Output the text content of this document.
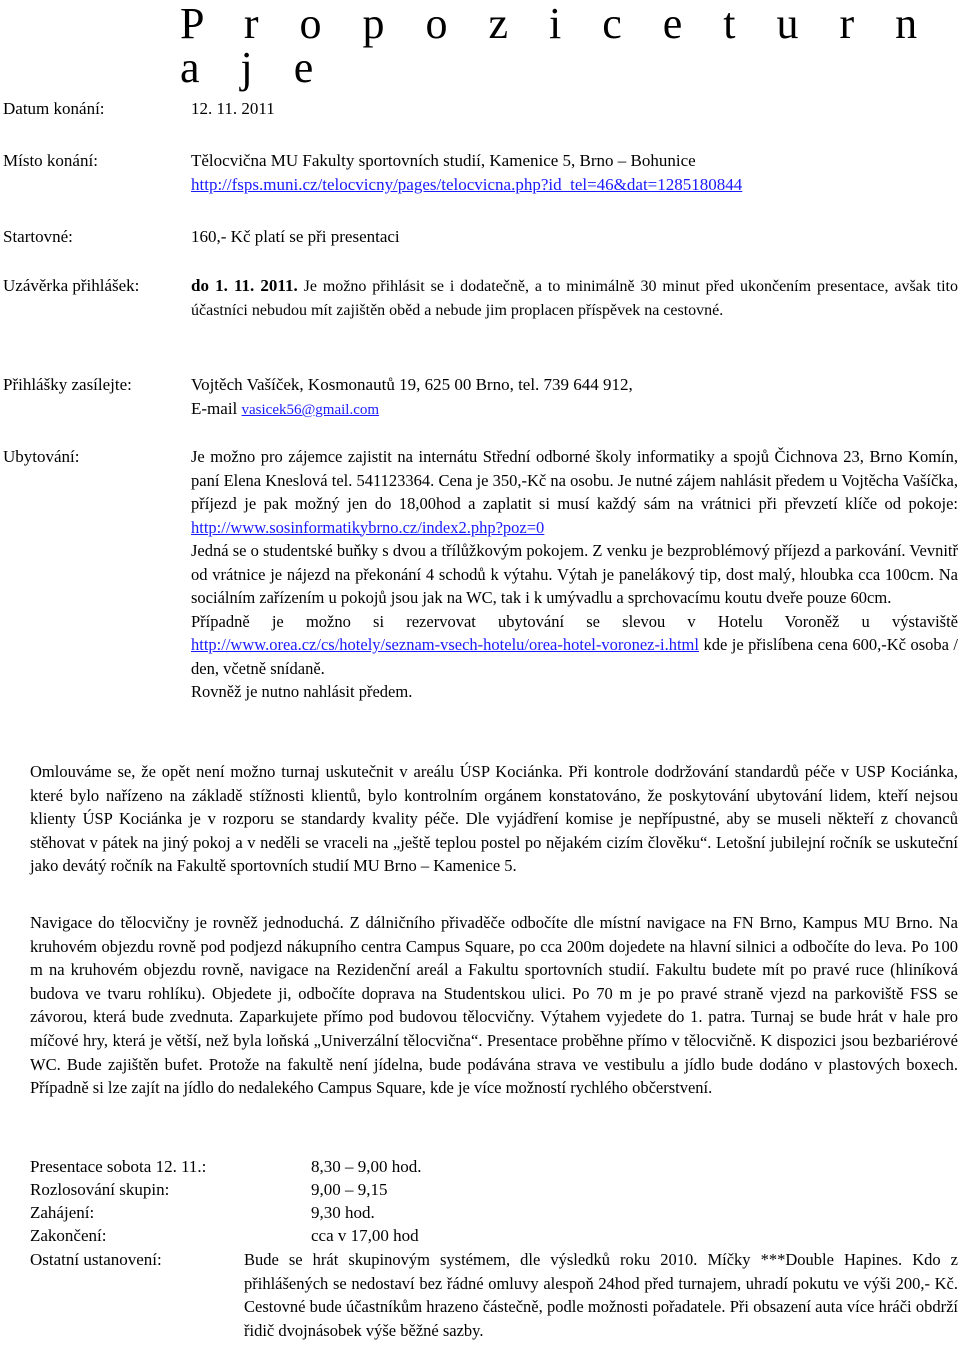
P r o p o z i c e t u r n a j e
Datum konání:	12. 11. 2011
Místo konání:	Tělocvična MU Fakulty sportovních studií, Kamenice 5, Brno – Bohunice
http://fsps.muni.cz/telocvicny/pages/telocvicna.php?id_tel=46&dat=1285180844
Startovné:	160,- Kč platí se při presentaci
Uzávěrka přihlášek:	do 1. 11. 2011. Je možno přihlásit se i dodatečně, a to minimálně 30 minut před ukončením presentace, avšak tito účastníci nebudou mít zajištěn oběd a nebude jim proplacen příspěvek na cestovné.
Přihlášky zasílejte:	Vojtěch Vašíček, Kosmonautů 19, 625 00 Brno, tel. 739 644 912,
E-mail vasicek56@gmail.com
Ubytování:	Je možno pro zájemce zajistit na internátu Střední odborné školy informatiky a spojů Čichnova 23, Brno Komín, paní Elena Kneslová tel. 541123364. Cena je 350,-Kč na osobu. Je nutné zájem nahlásit předem u Vojtěcha Vašíčka, příjezd je pak možný jen do 18,00hod a zaplatit si musí každý sám na vrátnici při převzetí klíče od pokoje: http://www.sosinformatikybrno.cz/index2.php?poz=0

Jedná se o studentské buňky s dvou a třílůžkovým pokojem. Z venku je bezproblémový příjezd a parkování. Vevnitř od vrátnice je nájezd na překonání 4 schodů k výtahu. Výtah je panelákový tip, dost malý, hloubka cca 100cm. Na sociálním zařízením u pokojů jsou jak na WC, tak i k umývadlu a sprchovacímu koutu dveře pouze 60cm.

Případně je možno si rezervovat ubytování se slevou v Hotelu Voroněž u výstaviště http://www.orea.cz/cs/hotely/seznam-vsech-hotelu/orea-hotel-voronez-i.html kde je přislíbena cena 600,-Kč osoba / den, včetně snídaně.

Rovněž je nutno nahlásit předem.

Omlouváme se, že opět není možno turnaj uskutečnit v areálu ÚSP Kociánka. Při kontrole dodržování standardů péče v USP Kociánka, které bylo nařízeno na základě stížnosti klientů, bylo kontrolním orgánem konstatováno, že poskytování ubytování lidem, kteří nejsou klienty ÚSP Kociánka je v rozporu se standardy kvality péče. Dle vyjádření komise je nepřípustné, aby se museli někteří z chovanců stěhovat v pátek na jiný pokoj a v neděli se vraceli na „ještě teplou postel po nějakém cizím člověku“. Letošní jubilejní ročník se uskuteční jako devátý ročník na Fakultě sportovních studií MU Brno – Kamenice 5.
Navigace do tělocvičny je rovněž jednoduchá. Z dálničního přivaděče odbočíte dle místní navigace na FN Brno, Kampus MU Brno. Na kruhovém objezdu rovně pod podjezd nákupního centra Campus Square, po cca 200m dojedete na hlavní silnici a odbočíte do leva. Po 100 m na kruhovém objezdu rovně, navigace na Rezidenční areál a Fakultu sportovních studií. Fakultu budete mít po pravé ruce (hliníková budova ve tvaru rohlíku). Objedete ji, odbočíte doprava na Studentskou ulici. Po 70 m je po pravé straně vjezd na parkoviště FSS se závorou, která bude zvednuta. Zaparkujete přímo pod budovou tělocvičny. Výtahem vyjedete do 1. patra. Turnaj se bude hrát v hale pro míčové hry, která je větší, než byla loňská „Univerzální tělocvična“. Presentace proběhne přímo v tělocvičně. K dispozici jsou bezbariérové WC. Bude zajištěn bufet. Protože na fakultě není jídelna, bude podávána strava ve vestibulu a jídlo bude dodáno v plastových boxech. Případně si lze zajít na jídlo do nedalekého Campus Square, kde je více možností rychlého občerstvení.
Presentace sobota 12. 11.:	8,30 – 9,00 hod.
Rozlosování skupin:	9,00 – 9,15
Zahájení:	9,30 hod.
Zakončení:	cca v 17,00 hod
Ostatní ustanovení:	Bude se hrát skupinovým systémem, dle výsledků roku 2010. Míčky ***Double Hapines. Kdo z přihlášených se nedostaví bez řádné omluvy alespoň 24hod před turnajem, uhradí pokutu ve výši 200,- Kč. Cestovné bude účastníkům hrazeno částečně, podle možnosti pořadatele. Při obsazení auta více hráči obdrží řidič dvojnásobek výše běžné sazby.
